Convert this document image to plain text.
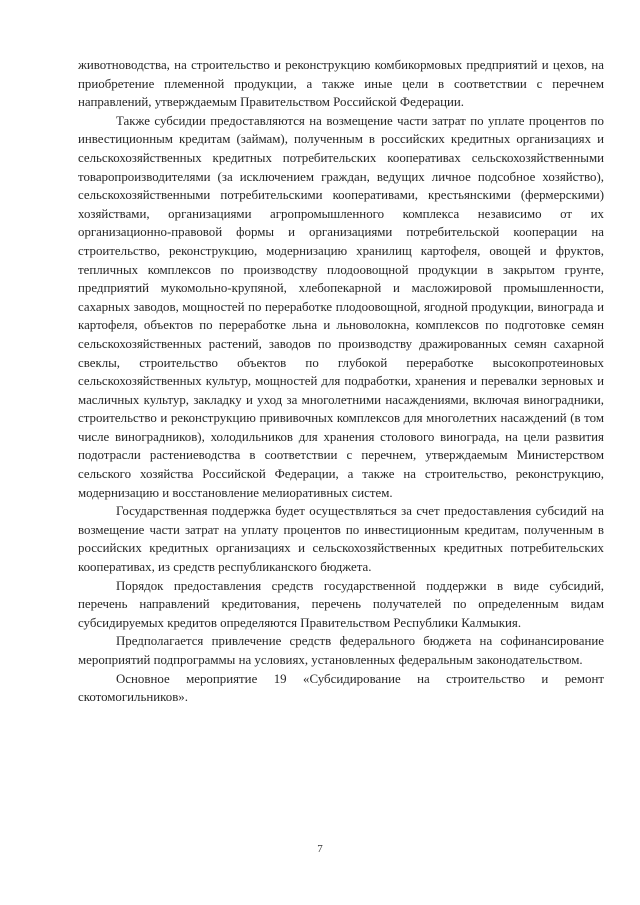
животноводства, на строительство и реконструкцию комбикормовых предприятий и цехов, на приобретение племенной продукции, а также иные цели в соответствии с перечнем направлений, утверждаемым Правительством Российской Федерации.

Также субсидии предоставляются на возмещение части затрат по уплате процентов по инвестиционным кредитам (займам), полученным в российских кредитных организациях и сельскохозяйственных кредитных потребительских кооперативах сельскохозяйственными товаропроизводителями (за исключением граждан, ведущих личное подсобное хозяйство), сельскохозяйственными потребительскими кооперативами, крестьянскими (фермерскими) хозяйствами, организациями агропромышленного комплекса независимо от их организационно-правовой формы и организациями потребительской кооперации на строительство, реконструкцию, модернизацию хранилищ картофеля, овощей и фруктов, тепличных комплексов по производству плодоовощной продукции в закрытом грунте, предприятий мукомольно-крупяной, хлебопекарной и масложировой промышленности, сахарных заводов, мощностей по переработке плодоовощной, ягодной продукции, винограда и картофеля, объектов по переработке льна и льноволокна, комплексов по подготовке семян сельскохозяйственных растений, заводов по производству дражированных семян сахарной свеклы, строительство объектов по глубокой переработке высокопротеиновых сельскохозяйственных культур, мощностей для подработки, хранения и перевалки зерновых и масличных культур, закладку и уход за многолетними насаждениями, включая виноградники, строительство и реконструкцию прививочных комплексов для многолетних насаждений (в том числе виноградников), холодильников для хранения столового винограда, на цели развития подотрасли растениеводства в соответствии с перечнем, утверждаемым Министерством сельского хозяйства Российской Федерации, а также на строительство, реконструкцию, модернизацию и восстановление мелиоративных систем.

Государственная поддержка будет осуществляться за счет предоставления субсидий на возмещение части затрат на уплату процентов по инвестиционным кредитам, полученным в российских кредитных организациях и сельскохозяйственных кредитных потребительских кооперативах, из средств республиканского бюджета.

Порядок предоставления средств государственной поддержки в виде субсидий, перечень направлений кредитования, перечень получателей по определенным видам субсидируемых кредитов определяются Правительством Республики Калмыкия.

Предполагается привлечение средств федерального бюджета на софинансирование мероприятий подпрограммы на условиях, установленных федеральным законодательством.

Основное мероприятие 19 «Субсидирование на строительство и ремонт скотомогильников».

7
